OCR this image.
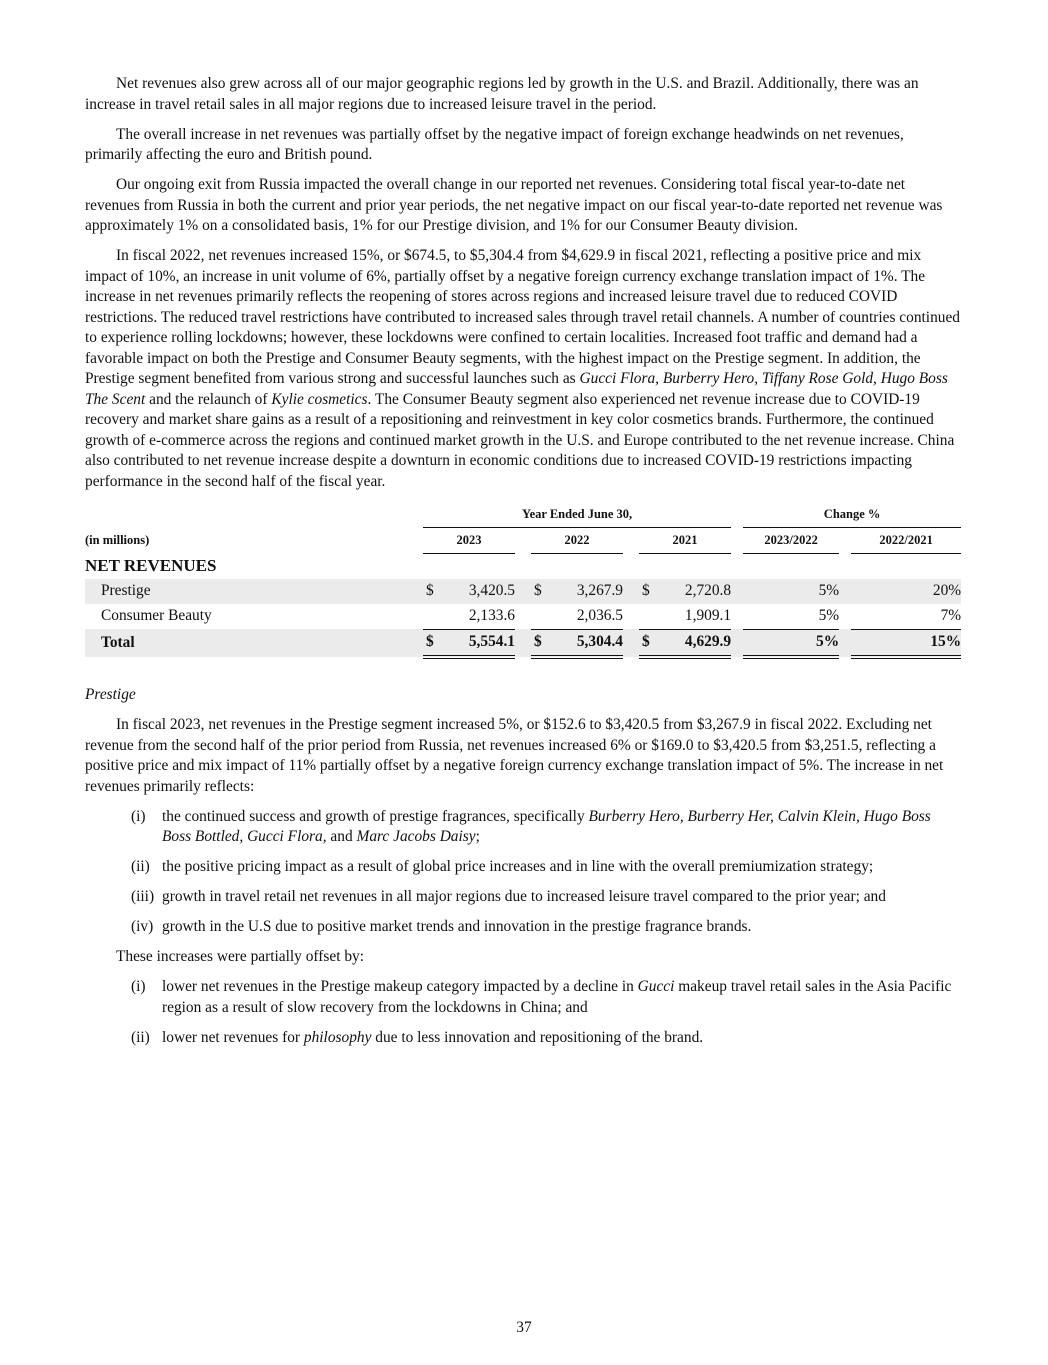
Net revenues also grew across all of our major geographic regions led by growth in the U.S. and Brazil. Additionally, there was an increase in travel retail sales in all major regions due to increased leisure travel in the period.

The overall increase in net revenues was partially offset by the negative impact of foreign exchange headwinds on net revenues, primarily affecting the euro and British pound.

Our ongoing exit from Russia impacted the overall change in our reported net revenues. Considering total fiscal year-to-date net revenues from Russia in both the current and prior year periods, the net negative impact on our fiscal year-to-date reported net revenue was approximately 1% on a consolidated basis, 1% for our Prestige division, and 1% for our Consumer Beauty division.

In fiscal 2022, net revenues increased 15%, or $674.5, to $5,304.4 from $4,629.9 in fiscal 2021, reflecting a positive price and mix impact of 10%, an increase in unit volume of 6%, partially offset by a negative foreign currency exchange translation impact of 1%. The increase in net revenues primarily reflects the reopening of stores across regions and increased leisure travel due to reduced COVID restrictions. The reduced travel restrictions have contributed to increased sales through travel retail channels. A number of countries continued to experience rolling lockdowns; however, these lockdowns were confined to certain localities. Increased foot traffic and demand had a favorable impact on both the Prestige and Consumer Beauty segments, with the highest impact on the Prestige segment. In addition, the Prestige segment benefited from various strong and successful launches such as Gucci Flora, Burberry Hero, Tiffany Rose Gold, Hugo Boss The Scent and the relaunch of Kylie cosmetics. The Consumer Beauty segment also experienced net revenue increase due to COVID-19 recovery and market share gains as a result of a repositioning and reinvestment in key color cosmetics brands. Furthermore, the continued growth of e-commerce across the regions and continued market growth in the U.S. and Europe contributed to the net revenue increase. China also contributed to net revenue increase despite a downturn in economic conditions due to increased COVID-19 restrictions impacting performance in the second half of the fiscal year.

	Year Ended June 30,									Change %		
(in millions)	2023			2022			2021			2023/2022		2022/2021
NET REVENUES												
Prestige	$	3,420.5		$	3,267.9		$	2,720.8		5%		20%
Consumer Beauty		2,133.6			2,036.5			1,909.1		5%		7%
Total	$	5,554.1		$	5,304.4		$	4,629.9		5%		15%
Prestige

In fiscal 2023, net revenues in the Prestige segment increased 5%, or $152.6 to $3,420.5 from $3,267.9 in fiscal 2022. Excluding net revenue from the second half of the prior period from Russia, net revenues increased 6% or $169.0 to $3,420.5 from $3,251.5, reflecting a positive price and mix impact of 11% partially offset by a negative foreign currency exchange translation impact of 5%. The increase in net revenues primarily reflects:

(i) the continued success and growth of prestige fragrances, specifically Burberry Hero, Burberry Her, Calvin Klein, Hugo Boss Boss Bottled, Gucci Flora, and Marc Jacobs Daisy;
(ii) the positive pricing impact as a result of global price increases and in line with the overall premiumization strategy;
(iii) growth in travel retail net revenues in all major regions due to increased leisure travel compared to the prior year; and
(iv) growth in the U.S due to positive market trends and innovation in the prestige fragrance brands.
These increases were partially offset by:
(i) lower net revenues in the Prestige makeup category impacted by a decline in Gucci makeup travel retail sales in the Asia Pacific region as a result of slow recovery from the lockdowns in China; and
(ii) lower net revenues for philosophy due to less innovation and repositioning of the brand.
37
